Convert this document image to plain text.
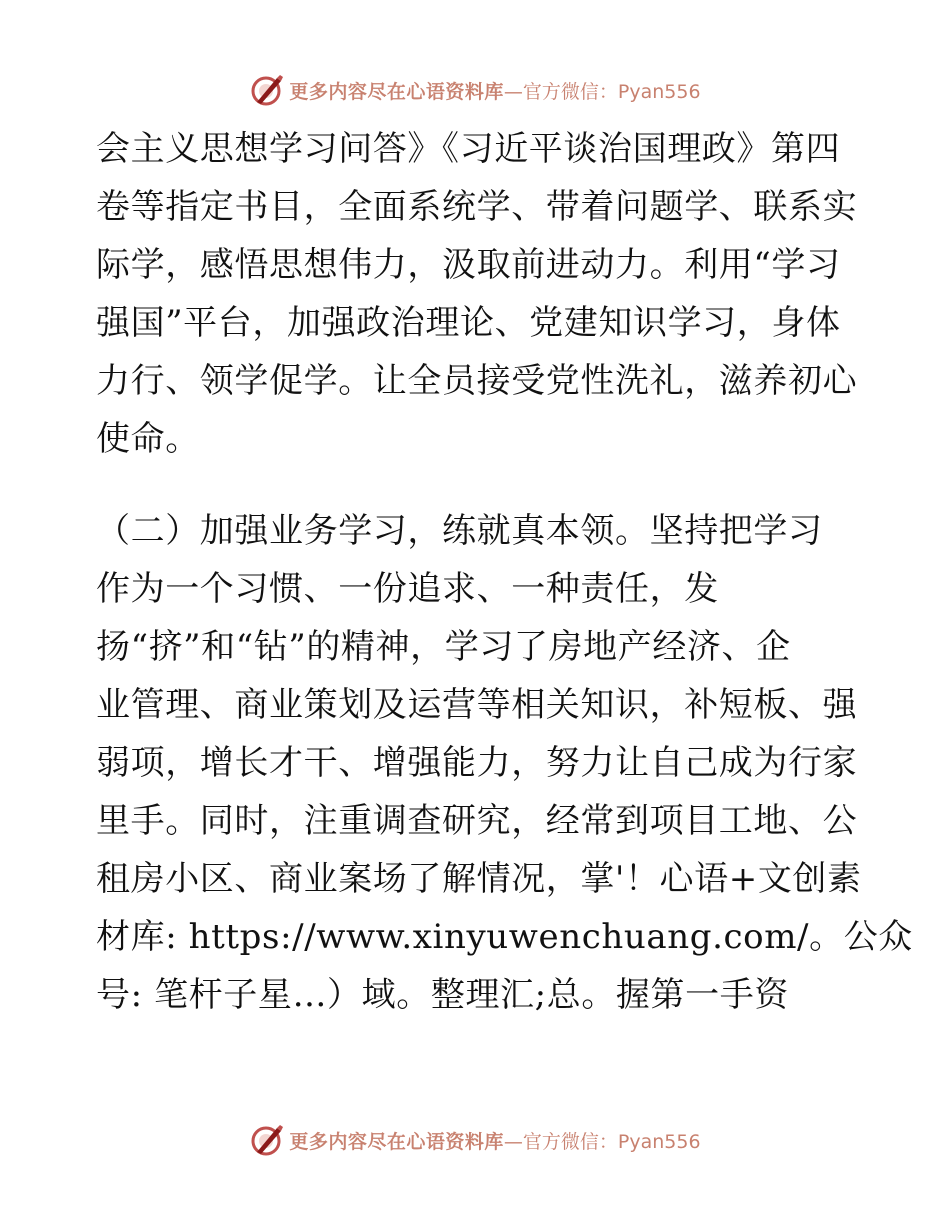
更多内容尽在心语资料库 —官方微信：Pyan556
会主义思想学习问答》《习近平谈治国理政》第四
卷等指定书目，全面系统学、带着问题学、联系实
际学，感悟思想伟力，汲取前进动力。利用“学习
强国”平台，加强政治理论、党建知识学习，身体
力行、领学促学。让全员接受党性洗礼，滋养初心
使命。
（二）加强业务学习，练就真本领。坚持把学习
作为一个习惯、一份追求、一种责任，发
扬“挤”和“钻”的精神，学习了房地产经济、企
业管理、商业策划及运营等相关知识，补短板、强
弱项，增长才干、增强能力，努力让自己成为行家
里手。同时，注重调查研究，经常到项目工地、公
租房小区、商业案场了解情况，掌'！心语+文创素
材库: https://www.xinyuwenchuang.com/。公众
号: 笔杆子星…）域。整理汇;总。握第一手资
更多内容尽在心语资料库 —官方微信：Pyan556
